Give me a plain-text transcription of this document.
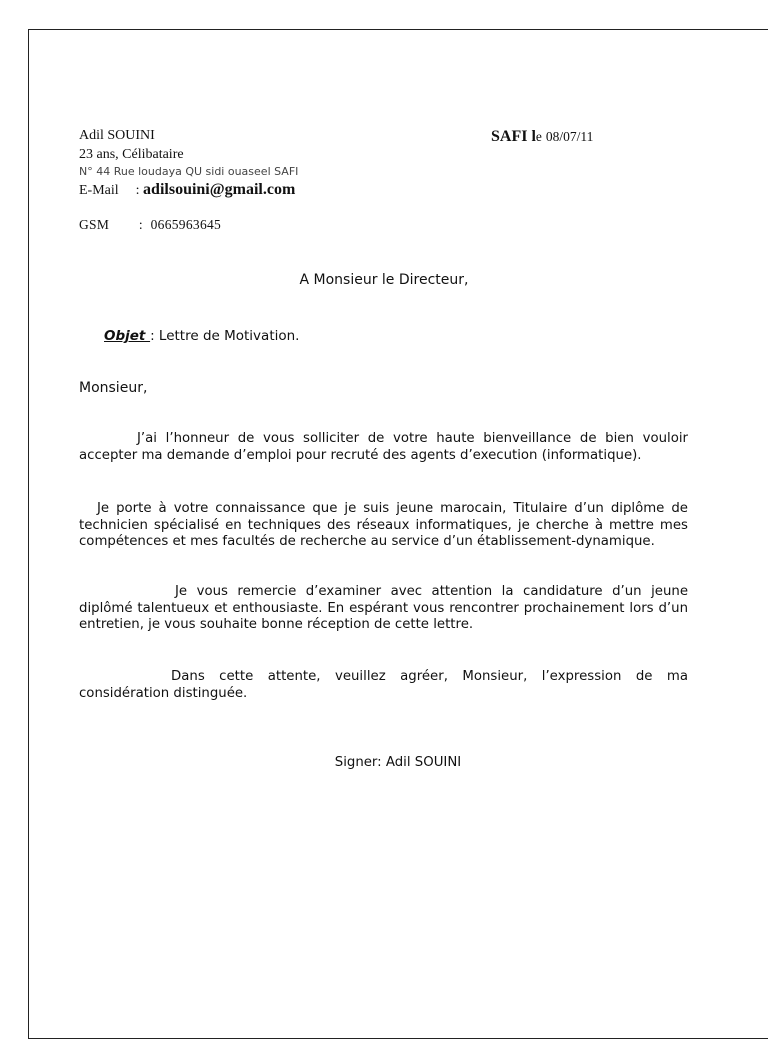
Adil SOUINI
23 ans, Célibataire
N° 44 Rue loudaya QU sidi ouaseel SAFI
E-Mail : adilsouini@gmail.com
GSM : 0665963645
SAFI le 08/07/11
A Monsieur le Directeur,
Objet : Lettre de Motivation.
Monsieur,
J’ai l’honneur de vous solliciter de votre haute bienveillance de bien vouloir accepter ma demande d’emploi pour recruté des agents d’execution (informatique).
Je porte à votre connaissance que je suis jeune marocain, Titulaire d’un diplôme de technicien spécialisé en techniques des réseaux informatiques, je cherche à mettre mes compétences et mes facultés de recherche au service d’un établissement-dynamique.
Je vous remercie d’examiner avec attention la candidature d’un jeune diplômé talentueux et enthousiaste. En espérant vous rencontrer prochainement lors d’un entretien, je vous souhaite bonne réception de cette lettre.
Dans cette attente, veuillez agréer, Monsieur, l’expression de ma considération distinguée.
Signer: Adil SOUINI
